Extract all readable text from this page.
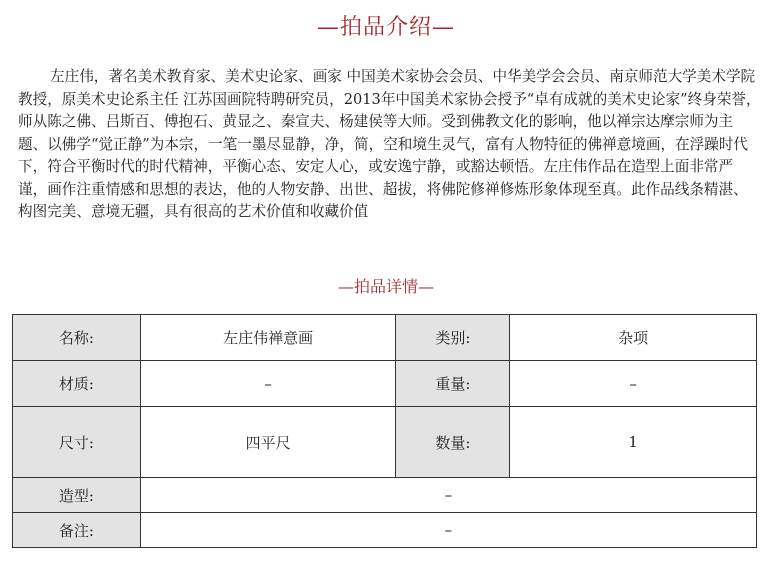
—拍品介绍—

左庄伟，著名美术教育家、美术史论家、画家 中国美术家协会会员、中华美学会会员、南京师范大学美术学院教授，原美术史论系主任 江苏国画院特聘研究员，2013年中国美术家协会授予“卓有成就的美术史论家”终身荣誉，师从陈之佛、吕斯百、傅抱石、黄显之、秦宣夫、杨建侯等大师。受到佛教文化的影响，他以禅宗达摩宗师为主题、以佛学“觉正静”为本宗，一笔一墨尽显静，净，简，空和境生灵气，富有人物特征的佛禅意境画，在浮躁时代下，符合平衡时代的时代精神，平衡心态、安定人心，或安逸宁静，或豁达顿悟。左庄伟作品在造型上面非常严谨，画作注重情感和思想的表达，他的人物安静、出世、超拔，将佛陀修禅修炼形象体现至真。此作品线条精湛、构图完美、意境无疆，具有很高的艺术价值和收藏价值

—拍品详情—
名称:	左庄伟禅意画	类别:	杂项
材质:	–	重量:	–
尺寸:	四平尺	数量:	1
造型:	–		
备注:	–		
